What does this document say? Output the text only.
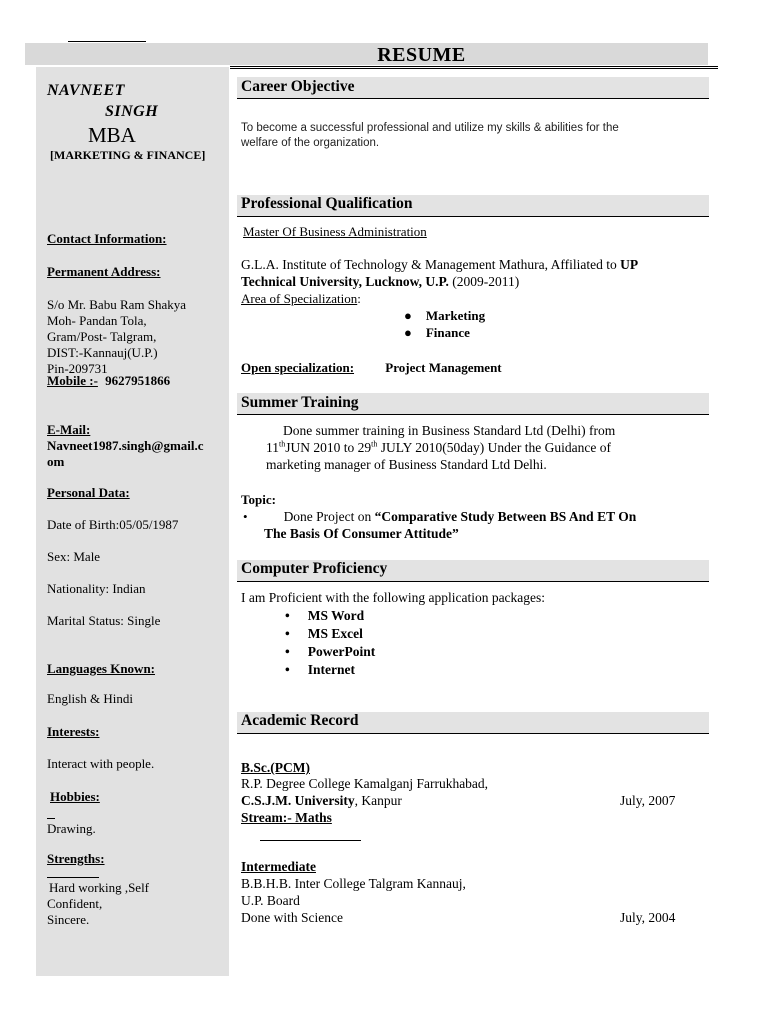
RESUME
NAVNEET
SINGH
MBA
[MARKETING & FINANCE]
Contact Information:
Permanent Address:
S/o Mr. Babu Ram Shakya
Moh- Pandan Tola,
Gram/Post- Talgram,
DIST:-Kannauj(U.P.)
Pin-209731
Mobile :- 9627951866
E-Mail:
Navneet1987.singh@gmail.c
om
Personal Data:
Date of Birth:05/05/1987
Sex: Male
Nationality: Indian
Marital Status: Single
Languages Known:
English & Hindi
Interests:
Interact with people.
Hobbies:
Drawing.
Strengths:
Hard working ,Self
Confident,
Sincere.
Career Objective
To become a successful professional and utilize my skills & abilities for the
welfare of the organization.
Professional Qualification
Master Of Business Administration
G.L.A. Institute of Technology & Management Mathura, Affiliated to UP
Technical University, Lucknow, U.P. (2009-2011)
Area of Specialization:
● Marketing
● Finance
Open specialization: Project Management
Summer Training
Done summer training in Business Standard Ltd (Delhi) from
11thJUN 2010 to 29th JULY 2010(50day) Under the Guidance of
marketing manager of Business Standard Ltd Delhi.
Topic:
•	Done Project on “Comparative Study Between BS And ET On
The Basis Of Consumer Attitude”
Computer Proficiency
I am Proficient with the following application packages:
• MS Word
• MS Excel
• PowerPoint
• Internet
Academic Record
B.Sc.(PCM)
R.P. Degree College Kamalganj Farrukhabad,
C.S.J.M. University, Kanpur	July, 2007
Stream:- Maths
Intermediate
B.B.H.B. Inter College Talgram Kannauj,
U.P. Board
Done with Science	July, 2004
